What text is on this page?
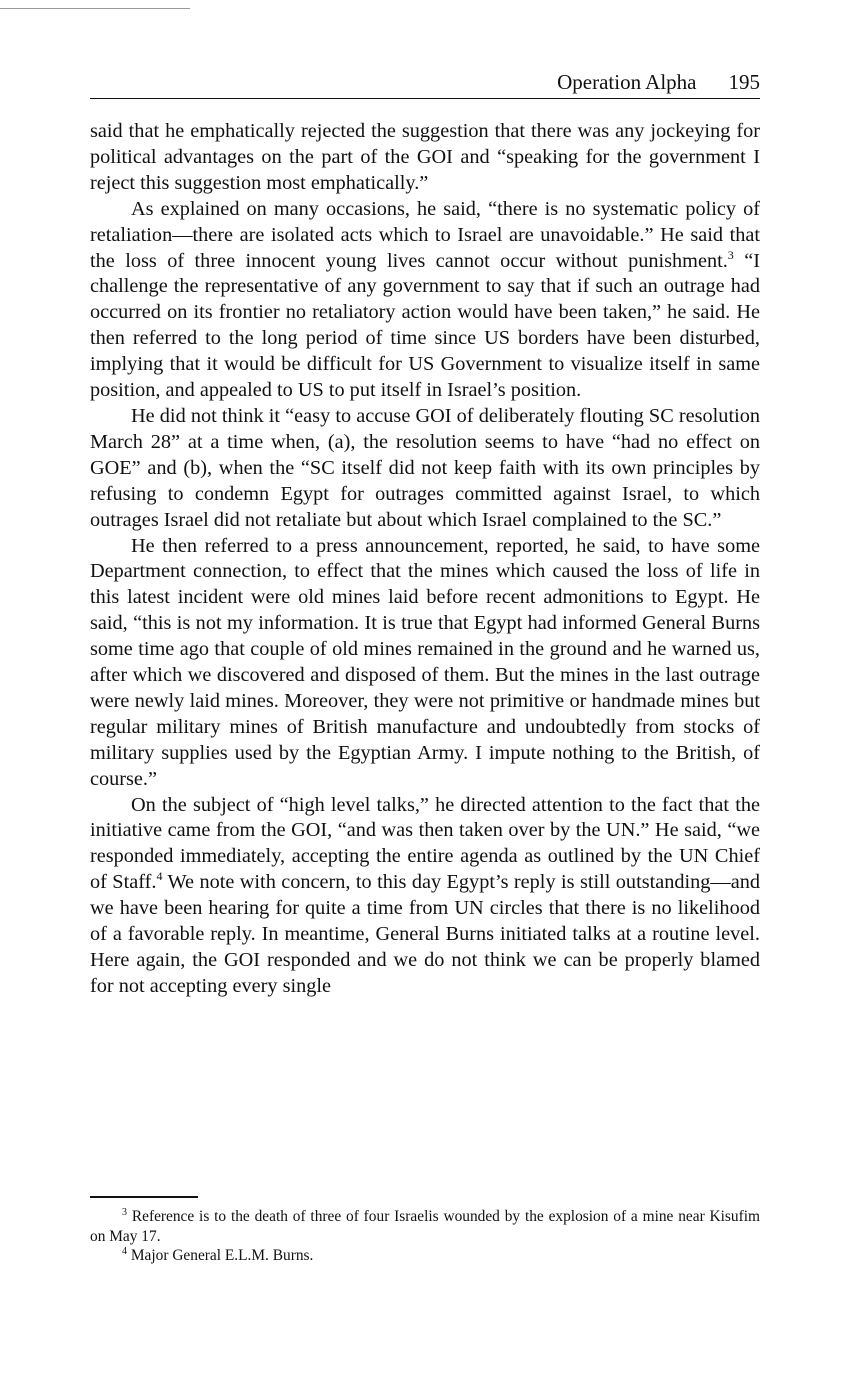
Operation Alpha 195

said that he emphatically rejected the suggestion that there was any jockeying for political advantages on the part of the GOI and “speaking for the government I reject this suggestion most emphatically.”

As explained on many occasions, he said, “there is no systematic policy of retaliation—there are isolated acts which to Israel are unavoidable.” He said that the loss of three innocent young lives cannot occur without punishment.$^3$ “I challenge the representative of any government to say that if such an outrage had occurred on its frontier no retaliatory action would have been taken,” he said. He then referred to the long period of time since US borders have been disturbed, implying that it would be difficult for US Government to visualize itself in same position, and appealed to US to put itself in Israel’s position.

He did not think it “easy to accuse GOI of deliberately flouting SC resolution March 28” at a time when, (a), the resolution seems to have “had no effect on GOE” and (b), when the “SC itself did not keep faith with its own principles by refusing to condemn Egypt for outrages committed against Israel, to which outrages Israel did not retaliate but about which Israel complained to the SC.”

He then referred to a press announcement, reported, he said, to have some Department connection, to effect that the mines which caused the loss of life in this latest incident were old mines laid before recent admonitions to Egypt. He said, “this is not my information. It is true that Egypt had informed General Burns some time ago that couple of old mines remained in the ground and he warned us, after which we discovered and disposed of them. But the mines in the last outrage were newly laid mines. Moreover, they were not primitive or handmade mines but regular military mines of British manufacture and undoubtedly from stocks of military supplies used by the Egyptian Army. I impute nothing to the British, of course.”

On the subject of “high level talks,” he directed attention to the fact that the initiative came from the GOI, “and was then taken over by the UN.” He said, “we responded immediately, accepting the entire agenda as outlined by the UN Chief of Staff.$^4$ We note with concern, to this day Egypt’s reply is still outstanding—and we have been hearing for quite a time from UN circles that there is no likelihood of a favorable reply. In meantime, General Burns initiated talks at a routine level. Here again, the GOI responded and we do not think we can be properly blamed for not accepting every single

$^3$ Reference is to the death of three of four Israelis wounded by the explosion of a mine near Kisufim on May 17.

$^4$ Major General E.L.M. Burns.
